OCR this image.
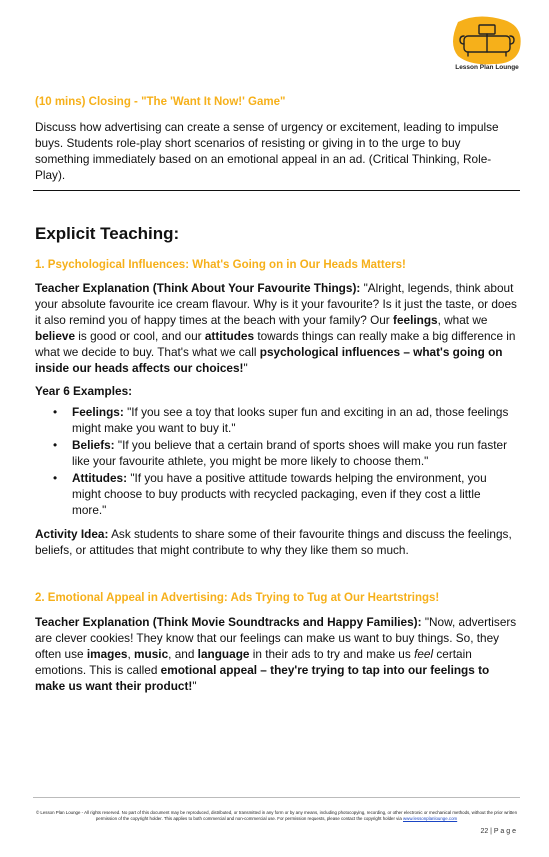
Lesson Plan Lounge
(10 mins) Closing - "The 'Want It Now!' Game"

Discuss how advertising can create a sense of urgency or excitement, leading to impulse buys. Students role-play short scenarios of resisting or giving in to the urge to buy something immediately based on an emotional appeal in an ad. (Critical Thinking, Role-Play).

Explicit Teaching:
1. Psychological Influences: What's Going on in Our Heads Matters!

Teacher Explanation (Think About Your Favourite Things): "Alright, legends, think about your absolute favourite ice cream flavour. Why is it your favourite? Is it just the taste, or does it also remind you of happy times at the beach with your family? Our feelings, what we believe is good or cool, and our attitudes towards things can really make a big difference in what we decide to buy. That's what we call psychological influences – what's going on inside our heads affects our choices!"

Year 6 Examples:

• Feelings: "If you see a toy that looks super fun and exciting in an ad, those feelings might make you want to buy it."
• Beliefs: "If you believe that a certain brand of sports shoes will make you run faster like your favourite athlete, you might be more likely to choose them."
• Attitudes: "If you have a positive attitude towards helping the environment, you might choose to buy products with recycled packaging, even if they cost a little more."

Activity Idea: Ask students to share some of their favourite things and discuss the feelings, beliefs, or attitudes that might contribute to why they like them so much.

2. Emotional Appeal in Advertising: Ads Trying to Tug at Our Heartstrings!

Teacher Explanation (Think Movie Soundtracks and Happy Families): "Now, advertisers are clever cookies! They know that our feelings can make us want to buy things. So, they often use images, music, and language in their ads to try and make us feel certain emotions. This is called emotional appeal – they're trying to tap into our feelings to make us want their product!"

© Lesson Plan Lounge - All rights reserved. No part of this document may be reproduced, distributed, or transmitted in any form or by any means, including photocopying, recording, or other electronic or mechanical methods, without the prior written permission of the copyright holder. This applies to both commercial and non-commercial use. For permission requests, please contact the copyright holder via www.lessonplanlounge.com
22 | P a g e
